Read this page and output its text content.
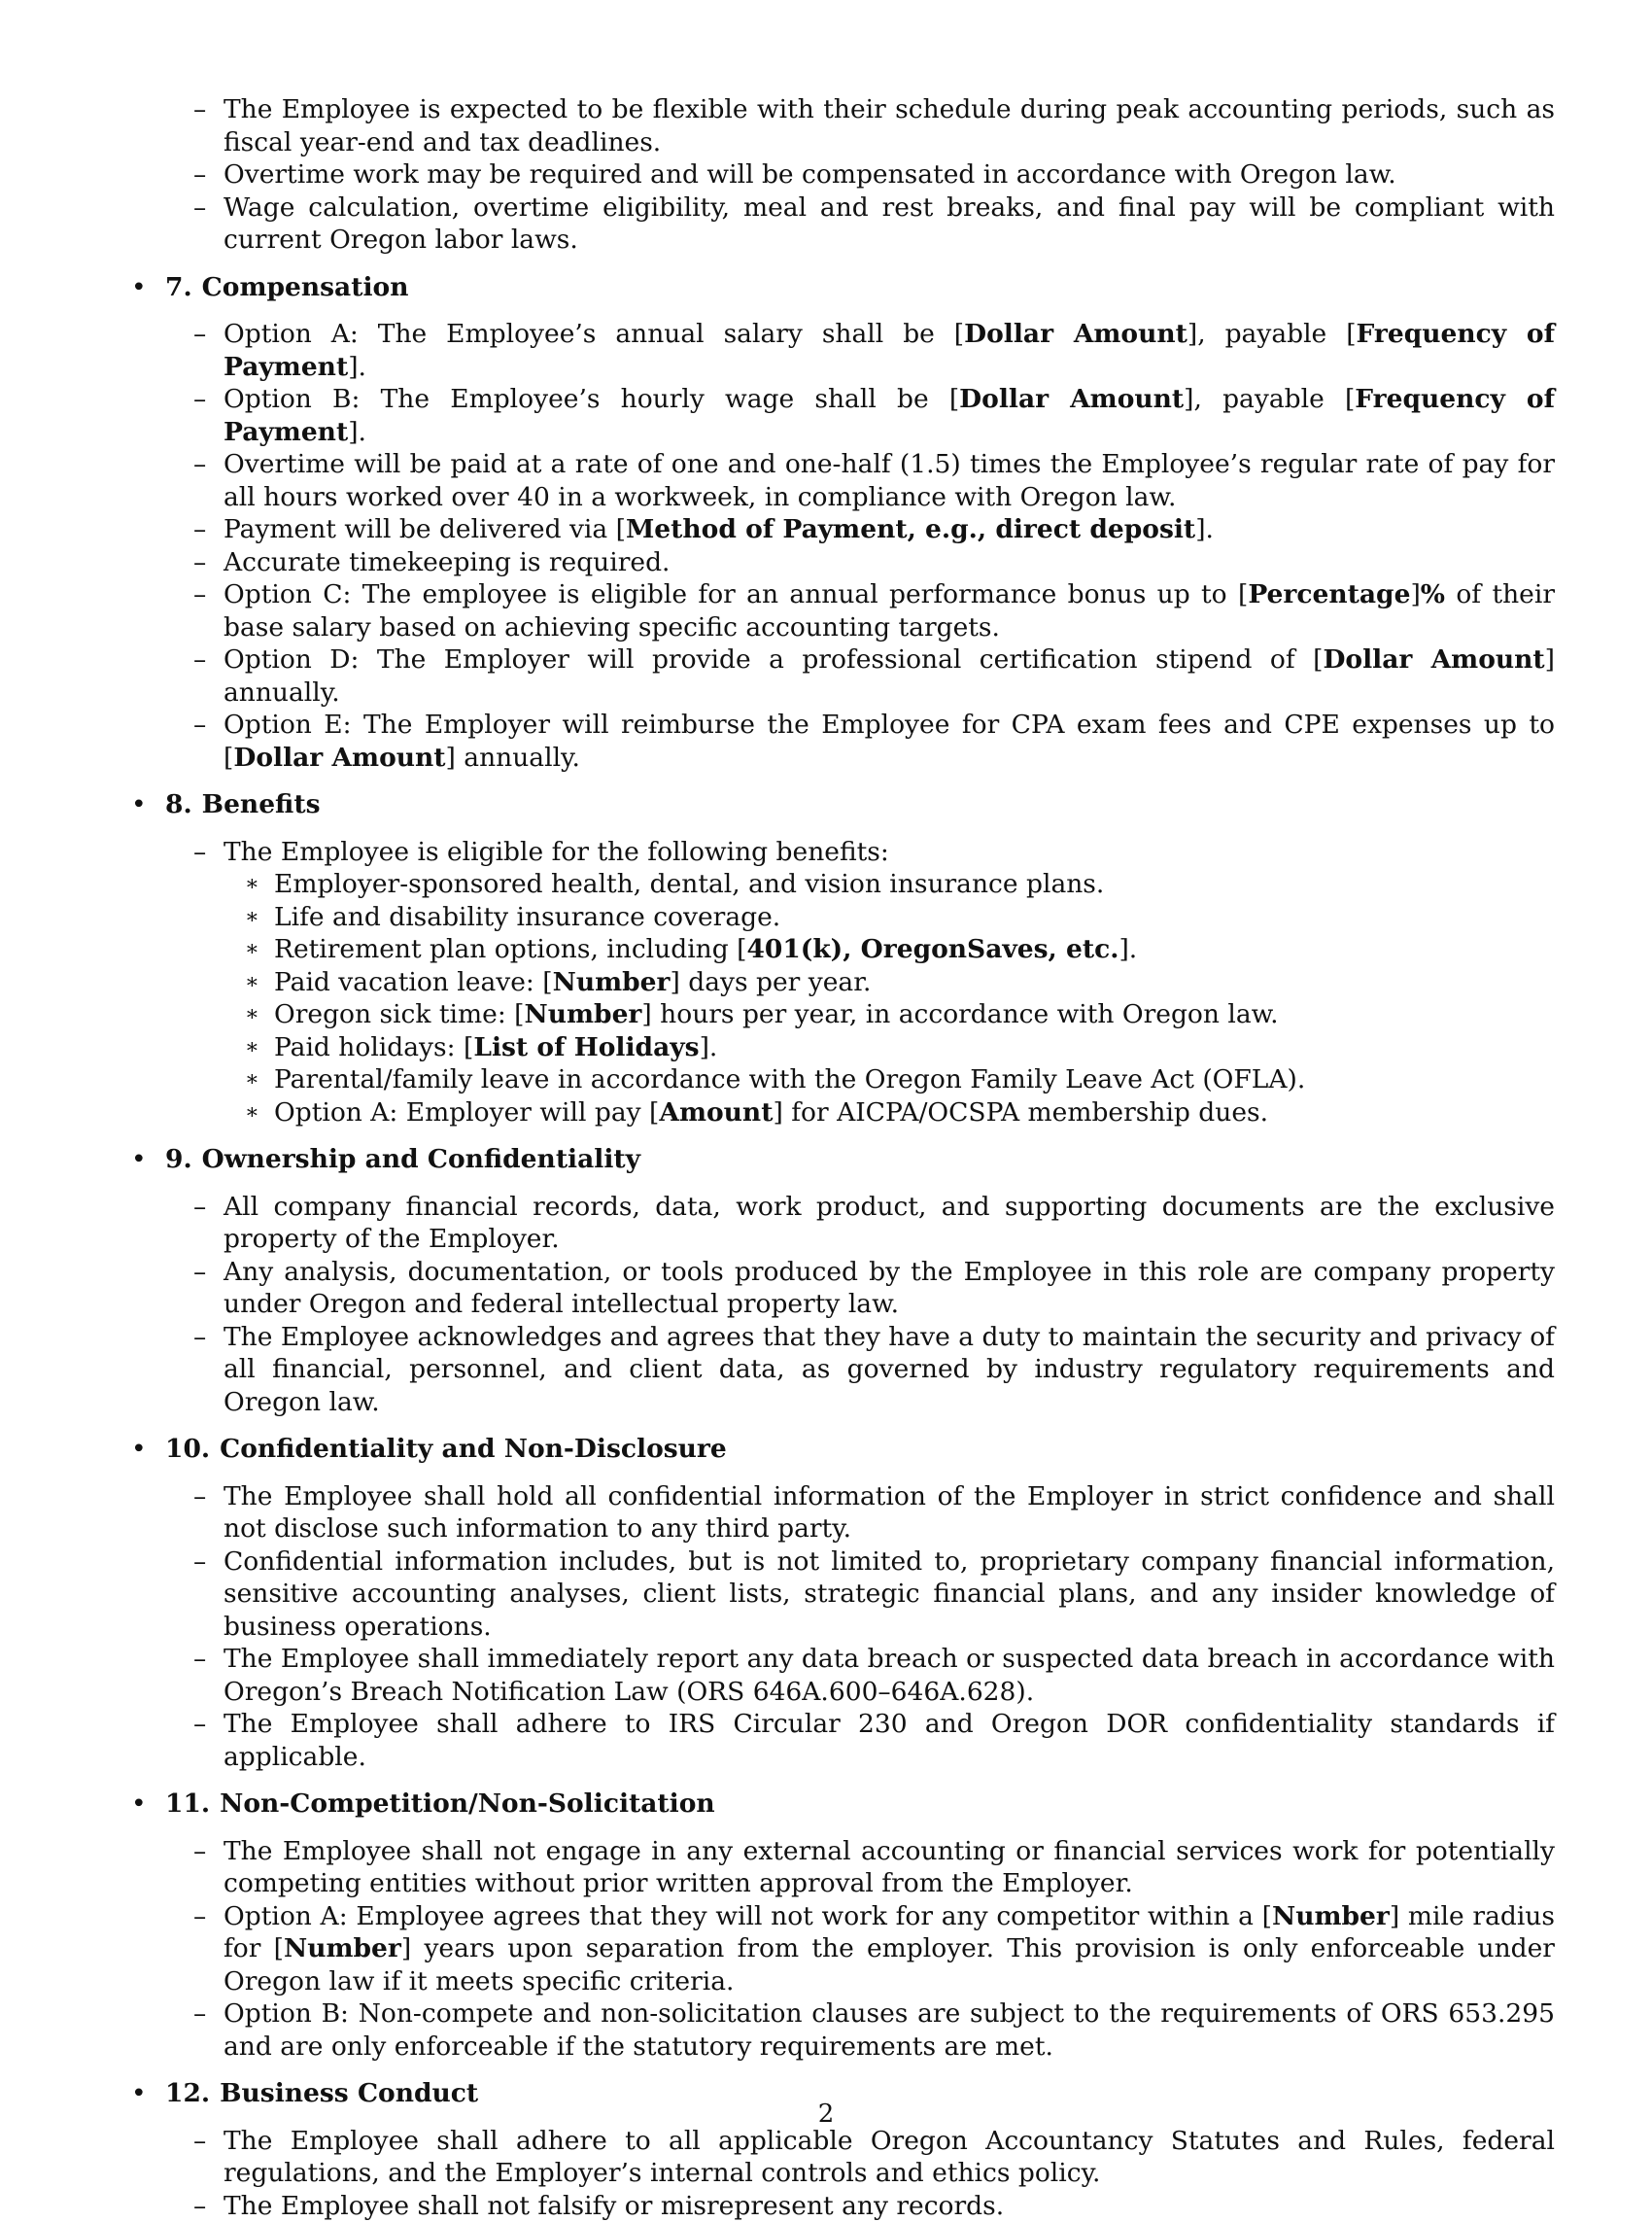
– The Employee is expected to be flexible with their schedule during peak accounting periods, such as fiscal year-end and tax deadlines.
– Overtime work may be required and will be compensated in accordance with Oregon law.
– Wage calculation, overtime eligibility, meal and rest breaks, and final pay will be compliant with current Oregon labor laws.
• 7. Compensation
– Option A: The Employee’s annual salary shall be [Dollar Amount], payable [Frequency of Payment].
– Option B: The Employee’s hourly wage shall be [Dollar Amount], payable [Frequency of Payment].
– Overtime will be paid at a rate of one and one-half (1.5) times the Employee’s regular rate of pay for all hours worked over 40 in a workweek, in compliance with Oregon law.
– Payment will be delivered via [Method of Payment, e.g., direct deposit].
– Accurate timekeeping is required.
– Option C: The employee is eligible for an annual performance bonus up to [Percentage]% of their base salary based on achieving specific accounting targets.
– Option D: The Employer will provide a professional certification stipend of [Dollar Amount] annually.
– Option E: The Employer will reimburse the Employee for CPA exam fees and CPE expenses up to [Dollar Amount] annually.
• 8. Benefits
– The Employee is eligible for the following benefits:
∗ Employer-sponsored health, dental, and vision insurance plans.
∗ Life and disability insurance coverage.
∗ Retirement plan options, including [401(k), OregonSaves, etc.].
∗ Paid vacation leave: [Number] days per year.
∗ Oregon sick time: [Number] hours per year, in accordance with Oregon law.
∗ Paid holidays: [List of Holidays].
∗ Parental/family leave in accordance with the Oregon Family Leave Act (OFLA).
∗ Option A: Employer will pay [Amount] for AICPA/OCSPA membership dues.
• 9. Ownership and Confidentiality
– All company financial records, data, work product, and supporting documents are the exclusive property of the Employer.
– Any analysis, documentation, or tools produced by the Employee in this role are company property under Oregon and federal intellectual property law.
– The Employee acknowledges and agrees that they have a duty to maintain the security and privacy of all financial, personnel, and client data, as governed by industry regulatory requirements and Oregon law.
• 10. Confidentiality and Non-Disclosure
– The Employee shall hold all confidential information of the Employer in strict confidence and shall not disclose such information to any third party.
– Confidential information includes, but is not limited to, proprietary company financial information, sensitive accounting analyses, client lists, strategic financial plans, and any insider knowledge of business operations.
– The Employee shall immediately report any data breach or suspected data breach in accordance with Oregon’s Breach Notification Law (ORS 646A.600–646A.628).
– The Employee shall adhere to IRS Circular 230 and Oregon DOR confidentiality standards if applicable.
• 11. Non-Competition/Non-Solicitation
– The Employee shall not engage in any external accounting or financial services work for potentially competing entities without prior written approval from the Employer.
– Option A: Employee agrees that they will not work for any competitor within a [Number] mile radius for [Number] years upon separation from the employer. This provision is only enforceable under Oregon law if it meets specific criteria.
– Option B: Non-compete and non-solicitation clauses are subject to the requirements of ORS 653.295 and are only enforceable if the statutory requirements are met.
• 12. Business Conduct
– The Employee shall adhere to all applicable Oregon Accountancy Statutes and Rules, federal regulations, and the Employer’s internal controls and ethics policy.
– The Employee shall not falsify or misrepresent any records.
2
